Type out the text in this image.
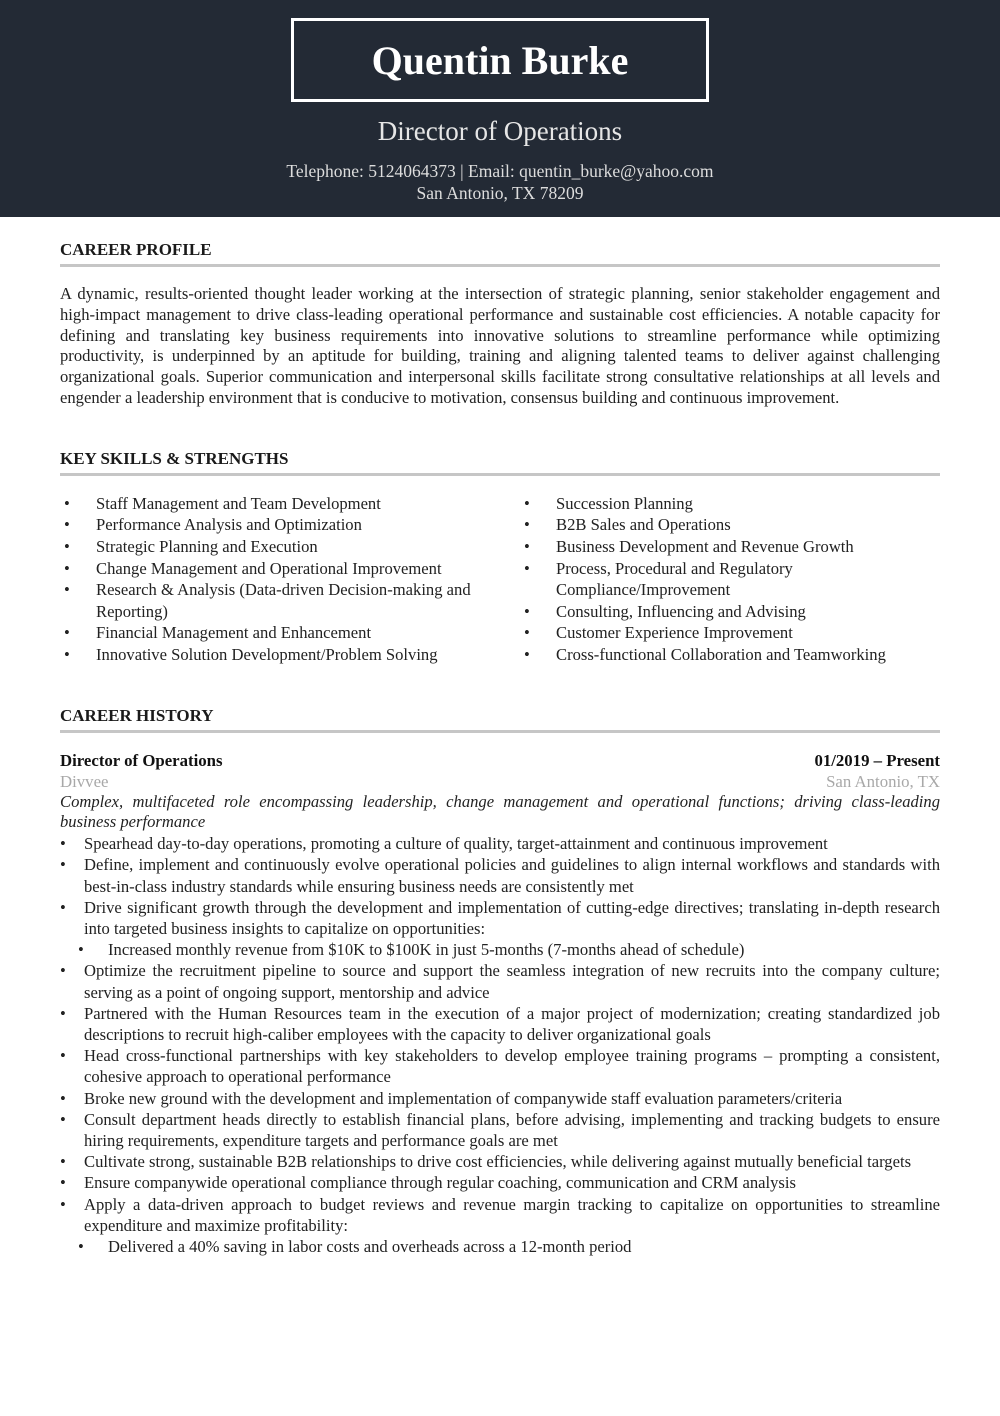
Quentin Burke
Director of Operations
Telephone: 5124064373 | Email: quentin_burke@yahoo.com
San Antonio, TX 78209
CAREER PROFILE

A dynamic, results-oriented thought leader working at the intersection of strategic planning, senior stakeholder engagement and high-impact management to drive class-leading operational performance and sustainable cost efficiencies. A notable capacity for defining and translating key business requirements into innovative solutions to streamline performance while optimizing productivity, is underpinned by an aptitude for building, training and aligning talented teams to deliver against challenging organizational goals. Superior communication and interpersonal skills facilitate strong consultative relationships at all levels and engender a leadership environment that is conducive to motivation, consensus building and continuous improvement.

KEY SKILLS & STRENGTHS
• Staff Management and Team Development
• Performance Analysis and Optimization
• Strategic Planning and Execution
• Change Management and Operational Improvement
• Research & Analysis (Data-driven Decision-making and Reporting)
• Financial Management and Enhancement
• Innovative Solution Development/Problem Solving
• Succession Planning
• B2B Sales and Operations
• Business Development and Revenue Growth
• Process, Procedural and Regulatory Compliance/Improvement
• Consulting, Influencing and Advising
• Customer Experience Improvement
• Cross-functional Collaboration and Teamworking
CAREER HISTORY
Director of Operations	01/2019 – Present
Divvee	San Antonio, TX

Complex, multifaceted role encompassing leadership, change management and operational functions; driving class-leading business performance

• Spearhead day-to-day operations, promoting a culture of quality, target-attainment and continuous improvement
• Define, implement and continuously evolve operational policies and guidelines to align internal workflows and standards with best-in-class industry standards while ensuring business needs are consistently met
• Drive significant growth through the development and implementation of cutting-edge directives; translating in-depth research into targeted business insights to capitalize on opportunities:
• Increased monthly revenue from $10K to $100K in just 5-months (7-months ahead of schedule)
• Optimize the recruitment pipeline to source and support the seamless integration of new recruits into the company culture; serving as a point of ongoing support, mentorship and advice
• Partnered with the Human Resources team in the execution of a major project of modernization; creating standardized job descriptions to recruit high-caliber employees with the capacity to deliver organizational goals
• Head cross-functional partnerships with key stakeholders to develop employee training programs – prompting a consistent, cohesive approach to operational performance
• Broke new ground with the development and implementation of companywide staff evaluation parameters/criteria
• Consult department heads directly to establish financial plans, before advising, implementing and tracking budgets to ensure hiring requirements, expenditure targets and performance goals are met
• Cultivate strong, sustainable B2B relationships to drive cost efficiencies, while delivering against mutually beneficial targets
• Ensure companywide operational compliance through regular coaching, communication and CRM analysis
• Apply a data-driven approach to budget reviews and revenue margin tracking to capitalize on opportunities to streamline expenditure and maximize profitability:
• Delivered a 40% saving in labor costs and overheads across a 12-month period
